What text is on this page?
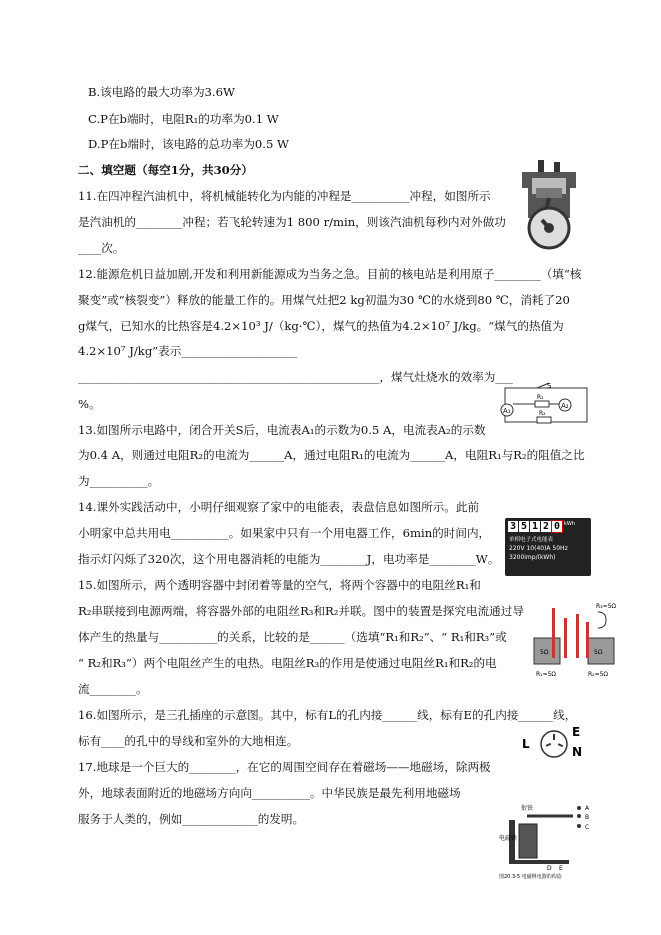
B.该电路的最大功率为3.6W
C.P在b端时，电阻R₁的功率为0.1 W
D.P在b端时，该电路的总功率为0.5 W
二、填空题（每空1分，共30分）
11.在四冲程汽油机中，将机械能转化为内能的冲程是__________冲程，如图所示
是汽油机的________冲程；若飞轮转速为1 800 r/min，则该汽油机每秒内对外做功
____次。
12.能源危机日益加剧,开发和利用新能源成为当务之急。目前的核电站是利用原子________（填“核
聚变”或“核裂变”）释放的能量工作的。用煤气灶把2 kg初温为30 ℃的水烧到80 ℃，消耗了20
g煤气，已知水的比热容是4.2×10³ J/（kg·℃），煤气的热值为4.2×10⁷ J/kg。“煤气的热值为
4.2×10⁷ J/kg”表示____________________
____________________________________________________，煤气灶烧水的效率为___
%。
13.如图所示电路中，闭合开关S后，电流表A₁的示数为0.5 A，电流表A₂的示数
为0.4 A，则通过电阻R₂的电流为______A，通过电阻R₁的电流为______A，电阻R₁与R₂的阻值之比
为__________。
14.课外实践活动中，小明仔细观察了家中的电能表，表盘信息如图所示。此前
小明家中总共用电__________。如果家中只有一个用电器工作，6min的时间内，
指示灯闪烁了320次，这个用电器消耗的电能为________J，电功率是________W。
15.如图所示，两个透明容器中封闭着等量的空气，将两个容器中的电阻丝R₁和
R₂串联接到电源两端，将容器外部的电阻丝R₃和R₂并联。图中的装置是探究电流通过导
体产生的热量与__________的关系，比较的是______（选填“R₁和R₂”、“ R₁和R₃”或
“ R₂和R₃”）两个电阻丝产生的电热。电阻丝R₃的作用是使通过电阻丝R₁和R₂的电
流________。
16.如图所示，是三孔插座的示意图。其中，标有L的孔内接______线，标有E的孔内接______线，
标有____的孔中的导线和室外的大地相连。
17.地球是一个巨大的________，在它的周围空间存在着磁场——地磁场，除两极
外，地球表面附近的地磁场方向向__________。中华民族是最先利用地磁场
服务于人类的，例如_____________的发明。
A₁
A₂
S
R₁
R₂
3 5 1 2 0 kWh
单相电子式电能表
220V 10(40)A 50Hz
3200imp/(kWh)
R₃=5Ω
5Ω	5Ω
R₁=5Ω	R₂=5Ω
L
E
N
衔铁
电磁铁
A
B
C
D E
图20.3-5 电磁继电器的构造
